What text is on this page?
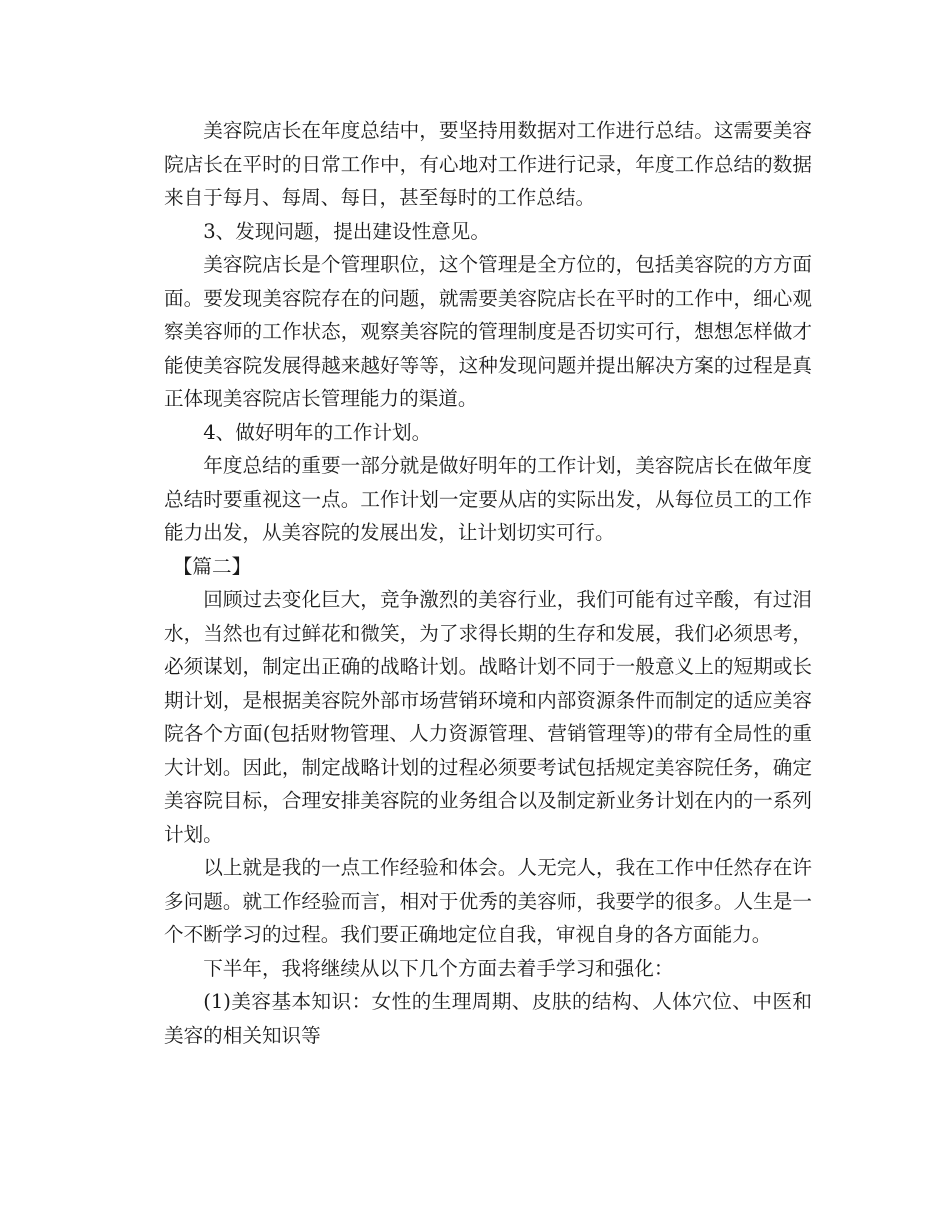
美容院店长在年度总结中，要坚持用数据对工作进行总结。这需要美容院店长在平时的日常工作中，有心地对工作进行记录，年度工作总结的数据来自于每月、每周、每日，甚至每时的工作总结。

3、发现问题，提出建设性意见。

美容院店长是个管理职位，这个管理是全方位的，包括美容院的方方面面。要发现美容院存在的问题，就需要美容院店长在平时的工作中，细心观察美容师的工作状态，观察美容院的管理制度是否切实可行，想想怎样做才能使美容院发展得越来越好等等，这种发现问题并提出解决方案的过程是真正体现美容院店长管理能力的渠道。

4、做好明年的工作计划。

年度总结的重要一部分就是做好明年的工作计划，美容院店长在做年度总结时要重视这一点。工作计划一定要从店的实际出发，从每位员工的工作能力出发，从美容院的发展出发，让计划切实可行。

【篇二】

回顾过去变化巨大，竞争激烈的美容行业，我们可能有过辛酸，有过泪水，当然也有过鲜花和微笑，为了求得长期的生存和发展，我们必须思考，必须谋划，制定出正确的战略计划。战略计划不同于一般意义上的短期或长期计划，是根据美容院外部市场营销环境和内部资源条件而制定的适应美容院各个方面(包括财物管理、人力资源管理、营销管理等)的带有全局性的重大计划。因此，制定战略计划的过程必须要考试包括规定美容院任务，确定美容院目标，合理安排美容院的业务组合以及制定新业务计划在内的一系列计划。

以上就是我的一点工作经验和体会。人无完人，我在工作中任然存在许多问题。就工作经验而言，相对于优秀的美容师，我要学的很多。人生是一个不断学习的过程。我们要正确地定位自我，审视自身的各方面能力。

下半年，我将继续从以下几个方面去着手学习和强化：

(1)美容基本知识：女性的生理周期、皮肤的结构、人体穴位、中医和美容的相关知识等
